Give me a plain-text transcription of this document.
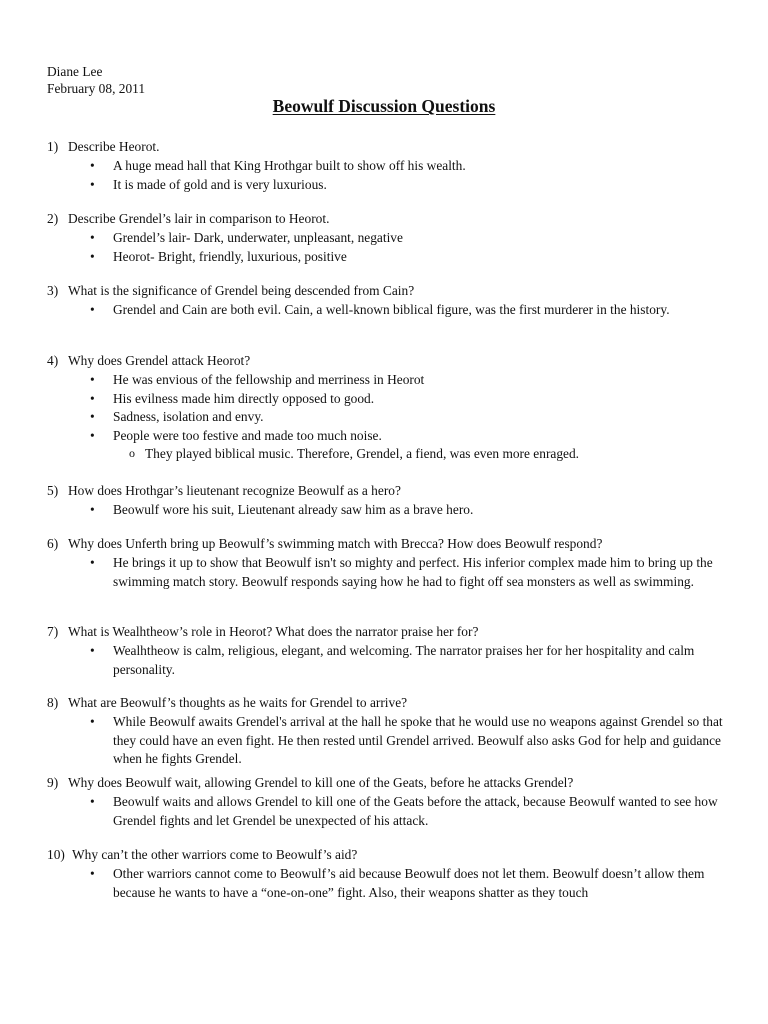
Diane Lee
February 08, 2011
Beowulf Discussion Questions
1) Describe Heorot.
• A huge mead hall that King Hrothgar built to show off his wealth.
• It is made of gold and is very luxurious.
2) Describe Grendel’s lair in comparison to Heorot.
• Grendel’s lair- Dark, underwater, unpleasant, negative
• Heorot- Bright, friendly, luxurious, positive
3) What is the significance of Grendel being descended from Cain?
• Grendel and Cain are both evil. Cain, a well-known biblical figure, was the first murderer in the history.
4) Why does Grendel attack Heorot?
• He was envious of the fellowship and merriness in Heorot
• His evilness made him directly opposed to good.
• Sadness, isolation and envy.
• People were too festive and made too much noise.
o They played biblical music. Therefore, Grendel, a fiend, was even more enraged.
5) How does Hrothgar’s lieutenant recognize Beowulf as a hero?
• Beowulf wore his suit, Lieutenant already saw him as a brave hero.
6) Why does Unferth bring up Beowulf’s swimming match with Brecca? How does Beowulf respond?
• He brings it up to show that Beowulf isn't so mighty and perfect. His inferior complex made him to bring up the swimming match story. Beowulf responds saying how he had to fight off sea monsters as well as swimming.
7) What is Wealhtheow’s role in Heorot? What does the narrator praise her for?
• Wealhtheow is calm, religious, elegant, and welcoming. The narrator praises her for her hospitality and calm personality.
8) What are Beowulf’s thoughts as he waits for Grendel to arrive?
• While Beowulf awaits Grendel's arrival at the hall he spoke that he would use no weapons against Grendel so that they could have an even fight. He then rested until Grendel arrived. Beowulf also asks God for help and guidance when he fights Grendel.
9) Why does Beowulf wait, allowing Grendel to kill one of the Geats, before he attacks Grendel?
• Beowulf waits and allows Grendel to kill one of the Geats before the attack, because Beowulf wanted to see how Grendel fights and let Grendel be unexpected of his attack.
10) Why can’t the other warriors come to Beowulf’s aid?
• Other warriors cannot come to Beowulf’s aid because Beowulf does not let them. Beowulf doesn’t allow them because he wants to have a “one-on-one” fight. Also, their weapons shatter as they touch
